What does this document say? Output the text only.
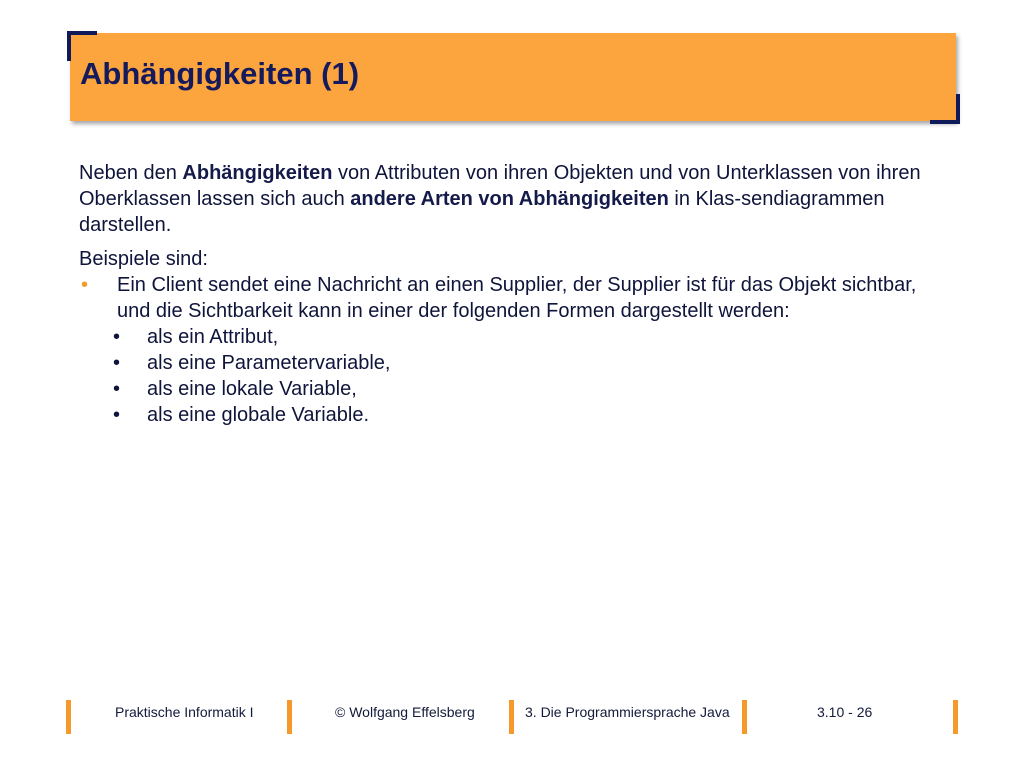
Abhängigkeiten (1)

Neben den Abhängigkeiten von Attributen von ihren Objekten und von Unterklassen von ihren Oberklassen lassen sich auch andere Arten von Abhängigkeiten in Klas-sendiagrammen darstellen.

Beispiele sind:

• Ein Client sendet eine Nachricht an einen Supplier, der Supplier ist für das Objekt sichtbar, und die Sichtbarkeit kann in einer der folgenden Formen dargestellt werden:
• als ein Attribut,
• als eine Parametervariable,
• als eine lokale Variable,
• als eine globale Variable.
Praktische Informatik I	© Wolfgang Effelsberg	3. Die Programmiersprache Java	3.10 - 26
